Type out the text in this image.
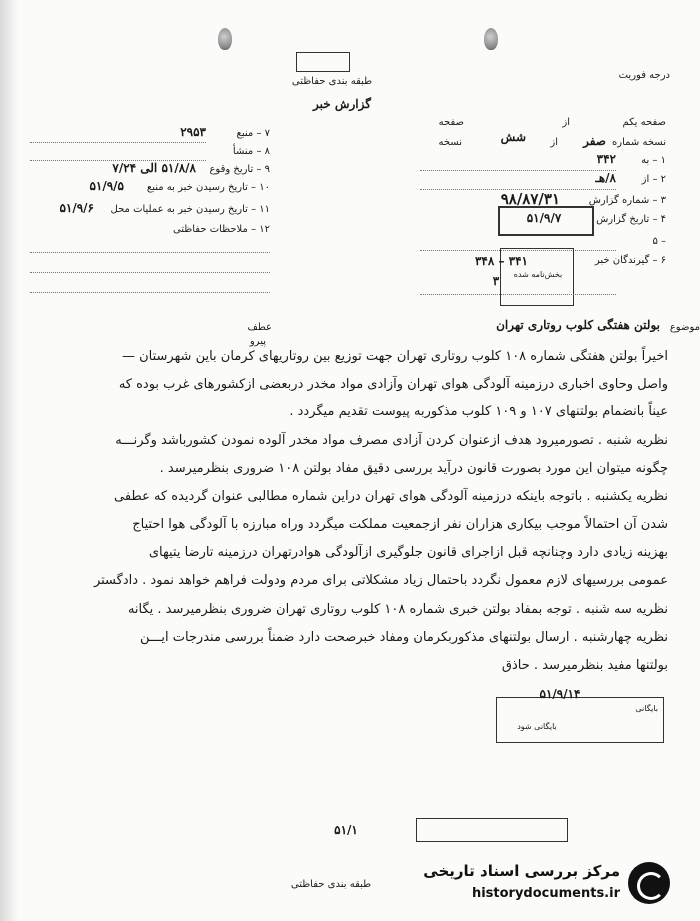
طبقه بندی حفاظتی
گزارش خبر
درجه فوریت
۷ – منبع
۲۹۵۳
۸ – منشأ
۹ – تاریخ وقوع
۵۱/۸/۸ الی ۷/۲۴
۱۰ – تاریخ رسیدن خبر به منبع
۵۱/۹/۵
۱۱ – تاریخ رسیدن خبر به عملیات محل
۵۱/۹/۶
۱۲ – ملاحظات حفاظتی
صفحه یکم
از
صفحه
نسخه شماره
صفر
از
شش
نسخه
۱ – به
۳۴۲
۲ – از
۸/هـ
۳ – شماره گزارش
۹۸/۸۷/۳۱
۴ – تاریخ گزارش
۵۱/۹/۷
۵ –
۶ – گیرندگان خبر
۳۴۸ – ۳۴۱
۳	بخش‌نامه شده
عطف
پیرو
موضوع
بولتن هفتگی کلوب روتاری تهران
اخیراً بولتن هفتگی شماره ۱۰۸ کلوب روتاری تهران جهت توزیع بین روتاریهای کرمان باین شهرستان —
واصل وحاوی اخباری درزمینه آلودگی هوای تهران وآزادی مواد مخدر دربعضی ازکشورهای غرب بوده که
عیناً بانضمام بولتنهای ۱۰۷ و ۱۰۹ کلوب مذکوربه پیوست تقدیم میگردد .
نظریه شنبه . تصورمیرود هدف ازعنوان کردن آزادی مصرف مواد مخدر آلوده نمودن کشورباشد وگرنـــه
چگونه میتوان این مورد بصورت قانون درآید بررسی دقیق مفاد بولتن ۱۰۸ ضروری بنظرمیرسد .
نظریه یکشنبه . باتوجه باینکه درزمینه آلودگی هوای تهران دراین شماره مطالبی عنوان گردیده که عطفی
شدن آن احتمالاً موجب بیکاری هزاران نفر ازجمعیت مملکت میگردد وراه مبارزه با آلودگی هوا احتیاج
بهزینه زیادی دارد وچنانچه قبل ازاجرای قانون جلوگیری ازآلودگی هوادرتهران درزمینه تارضا یتیهای
عمومی بررسیهای لازم معمول نگردد باحتمال زیاد مشکلاتی برای مردم ودولت فراهم خواهد نمود . دادگستر
نظریه سه شنبه . توجه بمفاد بولتن خبری شماره ۱۰۸ کلوب روتاری تهران ضروری بنظرمیرسد . یگانه
نظریه چهارشنبه . ارسال بولتنهای مذکوربکرمان ومفاد خبرصحت دارد ضمناً بررسی مندرجات ایـــن
بولتنها مفید بنظرمیرسد . حاذق
۵۱/۹/۱۴
بایگانی
بایگانی شود
۵۱/۱
طبقه بندی حفاظتی
مرکز بررسی اسناد تاریخی
historydocuments.ir
